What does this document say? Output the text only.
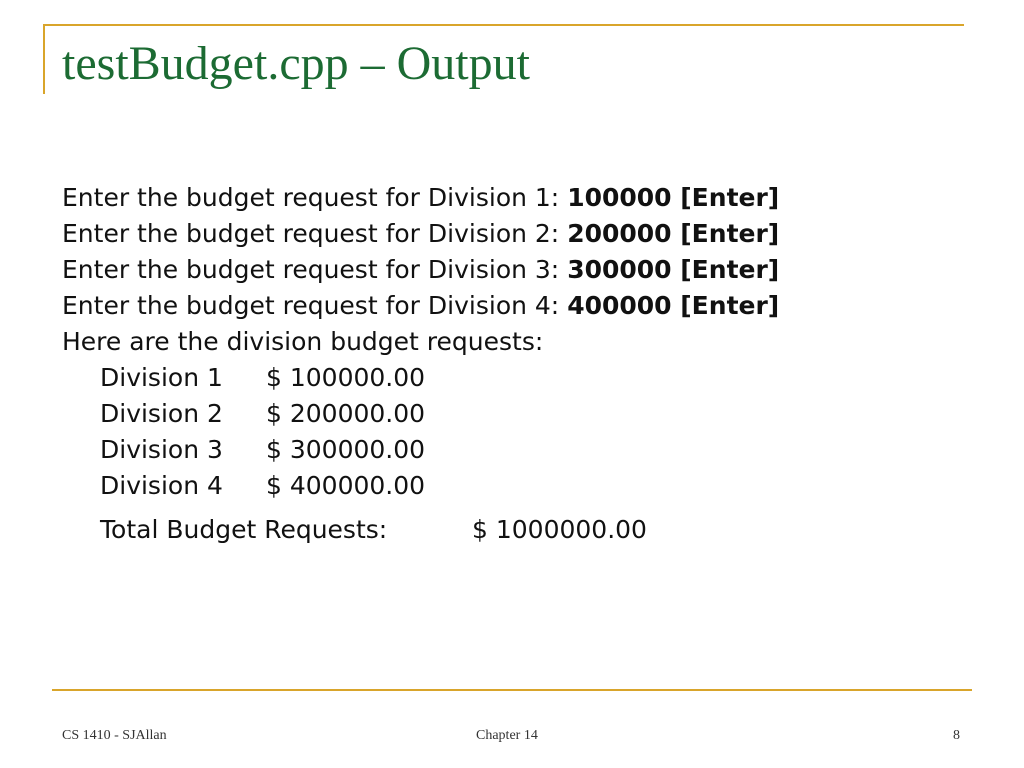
testBudget.cpp – Output
Enter the budget request for Division 1: 100000 [Enter]
Enter the budget request for Division 2: 200000 [Enter]
Enter the budget request for Division 3: 300000 [Enter]
Enter the budget request for Division 4: 400000 [Enter]
Here are the division budget requests:
Division 1 $ 100000.00
Division 2 $ 200000.00
Division 3 $ 300000.00
Division 4 $ 400000.00
Total Budget Requests:	$ 1000000.00
CS 1410 - SJAllan	Chapter 14	8
